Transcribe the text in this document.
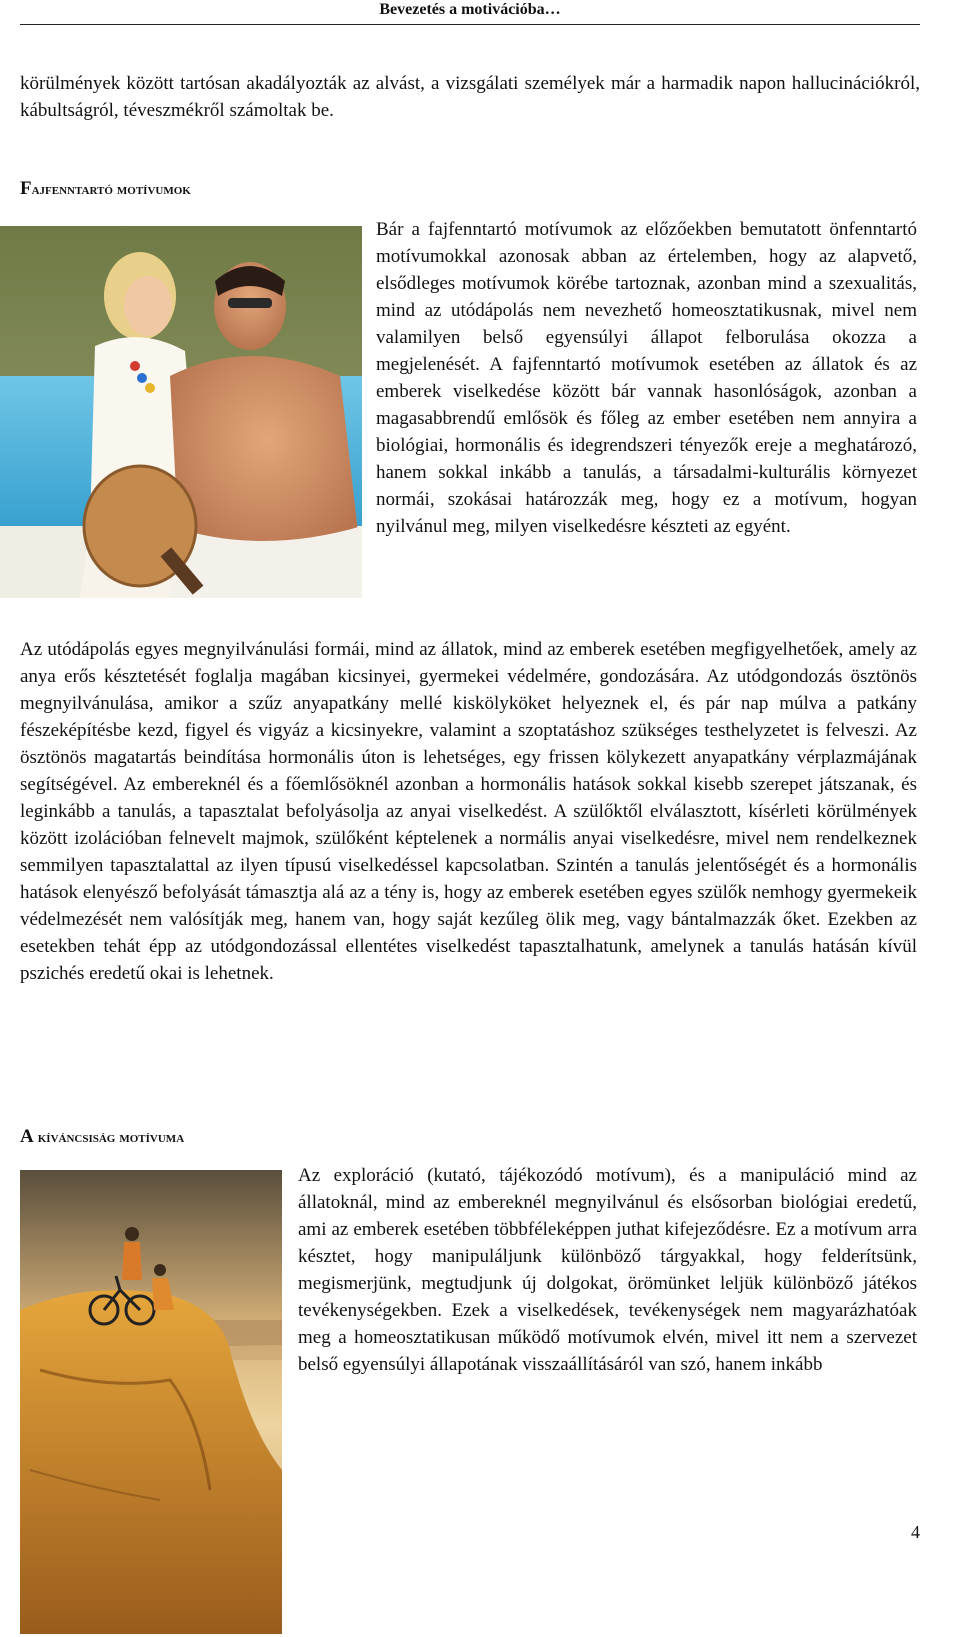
Bevezetés a motivációba…

körülmények között tartósan akadályozták az alvást, a vizsgálati személyek már a harmadik napon hallucinációkról, kábultságról, téveszmékről számoltak be.

Fajfenntartó motívumok

Bár a fajfenntartó motívumok az előzőekben bemutatott önfenntartó motívumokkal azonosak abban az értelemben, hogy az alapvető, elsődleges motívumok körébe tartoznak, azonban mind a szexualitás, mind az utódápolás nem nevezhető homeosztatikusnak, mivel nem valamilyen belső egyensúlyi állapot felborulása okozza a megjelenését. A fajfenntartó motívumok esetében az állatok és az emberek viselkedése között bár vannak hasonlóságok, azonban a magasabbrendű emlősök és főleg az ember esetében nem annyira a biológiai, hormonális és idegrendszeri tényezők ereje a meghatározó, hanem sokkal inkább a tanulás, a társadalmi-kulturális környezet normái, szokásai határozzák meg, hogy ez a motívum, hogyan nyilvánul meg, milyen viselkedésre készteti az egyént.

Az utódápolás egyes megnyilvánulási formái, mind az állatok, mind az emberek esetében megfigyelhetőek, amely az anya erős késztetését foglalja magában kicsinyei, gyermekei védelmére, gondozására. Az utódgondozás ösztönös megnyilvánulása, amikor a szűz anyapatkány mellé kiskölyköket helyeznek el, és pár nap múlva a patkány fészeképítésbe kezd, figyel és vigyáz a kicsinyekre, valamint a szoptatáshoz szükséges testhelyzetet is felveszi. Az ösztönös magatartás beindítása hormonális úton is lehetséges, egy frissen kölykezett anyapatkány vérplazmájának segítségével. Az embereknél és a főemlősöknél azonban a hormonális hatások sokkal kisebb szerepet játszanak, és leginkább a tanulás, a tapasztalat befolyásolja az anyai viselkedést. A szülőktől elválasztott, kísérleti körülmények között izolációban felnevelt majmok, szülőként képtelenek a normális anyai viselkedésre, mivel nem rendelkeznek semmilyen tapasztalattal az ilyen típusú viselkedéssel kapcsolatban. Szintén a tanulás jelentőségét és a hormonális hatások elenyésző befolyását támasztja alá az a tény is, hogy az emberek esetében egyes szülők nemhogy gyermekeik védelmezését nem valósítják meg, hanem van, hogy saját kezűleg ölik meg, vagy bántalmazzák őket. Ezekben az esetekben tehát épp az utódgondozással ellentétes viselkedést tapasztalhatunk, amelynek a tanulás hatásán kívül pszichés eredetű okai is lehetnek.

A kíváncsiság motívuma

Az exploráció (kutató, tájékozódó motívum), és a manipuláció mind az állatoknál, mind az embereknél megnyilvánul és elsősorban biológiai eredetű, ami az emberek esetében többféleképpen juthat kifejeződésre. Ez a motívum arra késztet, hogy manipuláljunk különböző tárgyakkal, hogy felderítsünk, megismerjünk, megtudjunk új dolgokat, örömünket leljük különböző játékos tevékenységekben. Ezek a viselkedések, tevékenységek nem magyarázhatóak meg a homeosztatikusan működő motívumok elvén, mivel itt nem a szervezet belső egyensúlyi állapotának visszaállításáról van szó, hanem inkább

4
